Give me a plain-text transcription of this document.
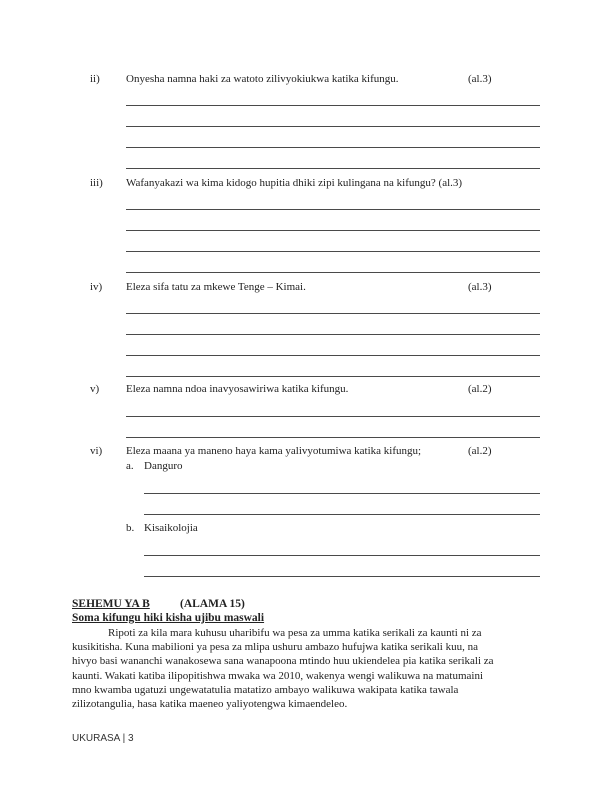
ii) Onyesha namna haki za watoto zilivyokiukwa katika kifungu.	(al.3)
iii) Wafanyakazi wa kima kidogo hupitia dhiki zipi kulingana na kifungu? (al.3)
iv) Eleza sifa tatu za mkewe Tenge – Kimai.	(al.3)
v) Eleza namna ndoa inavyosawiriwa katika kifungu.	(al.2)
vi) Eleza maana ya maneno haya kama yalivyotumiwa katika kifungu;	(al.2)
a. Danguro
b. Kisaikolojia
SEHEMU YA B	(ALAMA 15)
Soma kifungu hiki kisha ujibu maswali
Ripoti za kila mara kuhusu uharibifu wa pesa za umma katika serikali za kaunti ni za
kusikitisha. Kuna mabilioni ya pesa za mlipa ushuru ambazo hufujwa katika serikali kuu, na
hivyo basi wananchi wanakosewa sana wanapoona mtindo huu ukiendelea pia katika serikali za
kaunti. Wakati katiba ilipopitishwa mwaka wa 2010, wakenya wengi walikuwa na matumaini
mno kwamba ugatuzi ungewatatulia matatizo ambayo walikuwa wakipata katika tawala
zilizotangulia, hasa katika maeneo yaliyotengwa kimaendeleo.
UKURASA | 3
